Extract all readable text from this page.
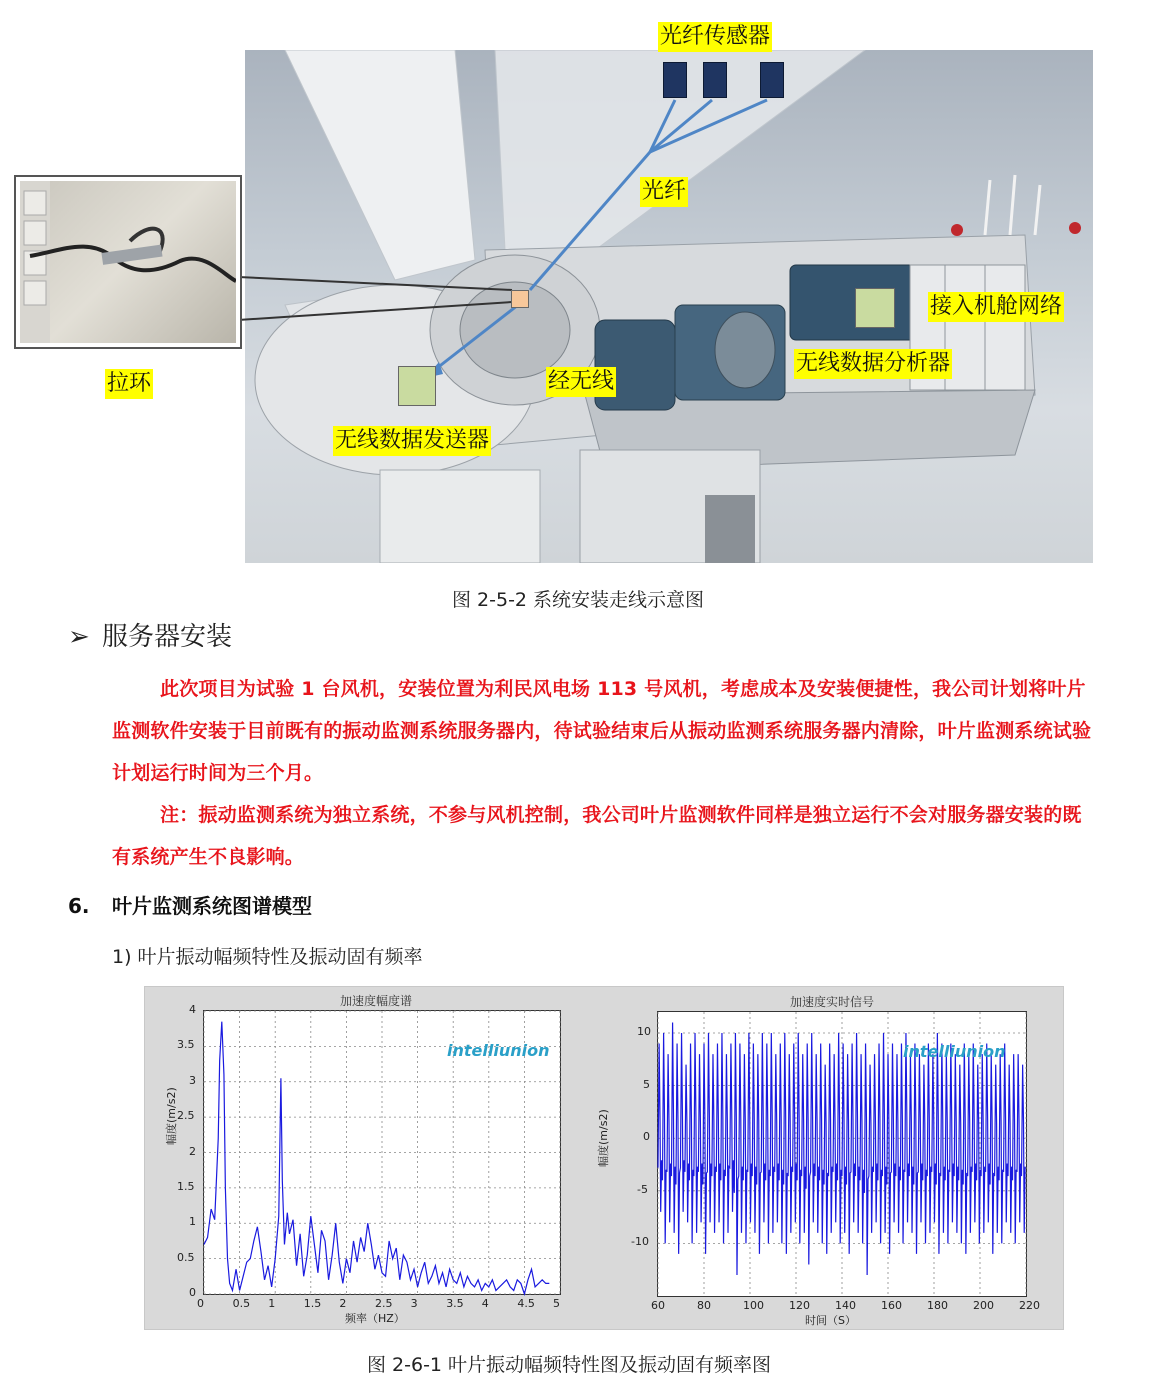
光纤传感器
光纤
拉环
接入机舱网络
无线数据分析器
经无线
无线数据发送器
图 2-5-2 系统安装走线示意图
➢ 服务器安装
此次项目为试验 1 台风机，安装位置为利民风电场 113 号风机，考虑成本及安装便捷性，我公司计划将叶片监测软件安装于目前既有的振动监测系统服务器内，待试验结束后从振动监测系统服务器内清除，叶片监测系统试验计划运行时间为三个月。
注：振动监测系统为独立系统，不参与风机控制，我公司叶片监测软件同样是独立运行不会对服务器安装的既有系统产生不良影响。
6. 叶片监测系统图谱模型
1) 叶片振动幅频特性及振动固有频率
加速度幅度谱
intelliunion
幅度(m/s2)
频率（HZ）
0	0.5 1	1.5 2	2.5 3	3.5 4	4.5 5
0
0.5
1
1.5
2
2.5
3
3.5
4
加速度实时信号
intelliunion
幅度(m/s2)
时间（S）
60	80	100 120 140 160 180 200 220
10
5
0
-5
-10
图 2-6-1 叶片振动幅频特性图及振动固有频率图
